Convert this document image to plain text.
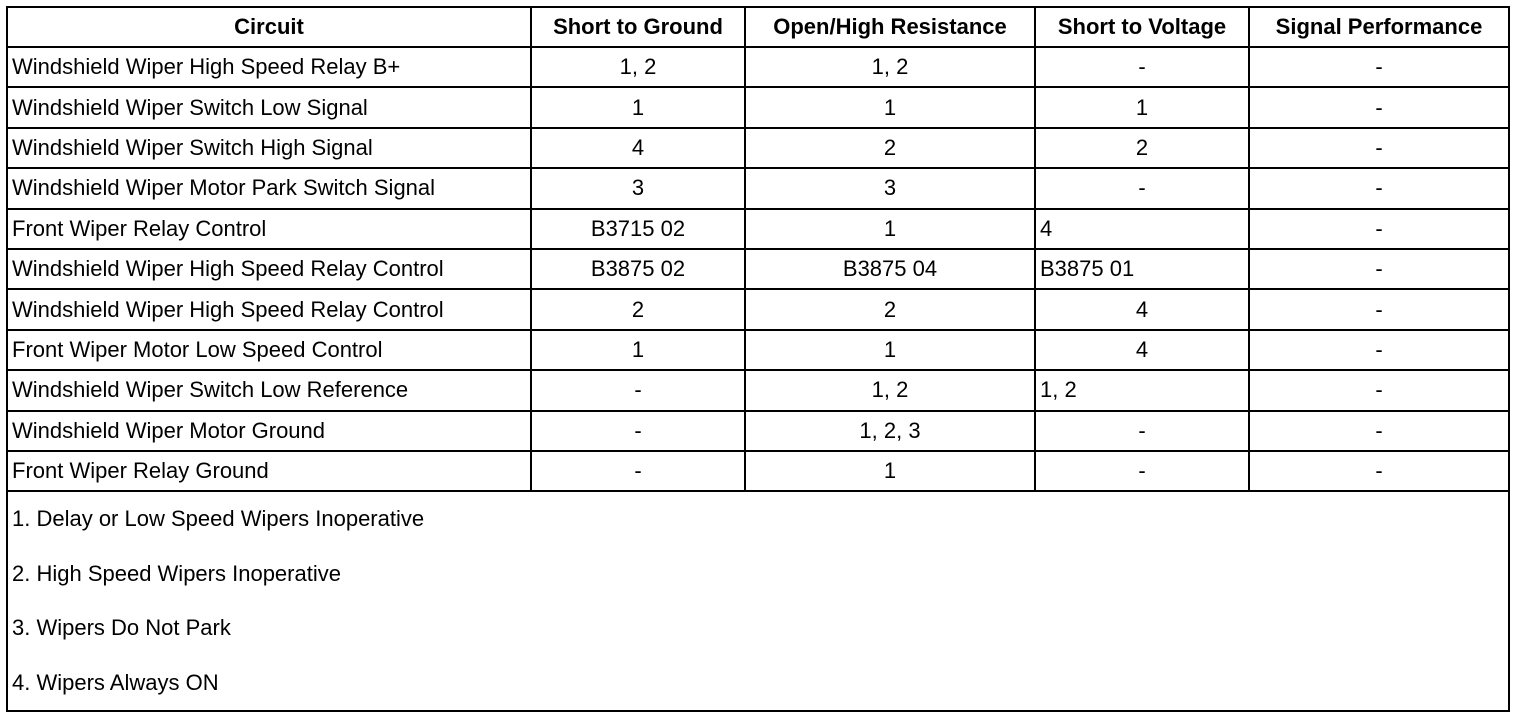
Circuit	Short to Ground	Open/High Resistance	Short to Voltage	Signal Performance
Windshield Wiper High Speed Relay B+	1, 2	1, 2	-	-
Windshield Wiper Switch Low Signal	1	1	1	-
Windshield Wiper Switch High Signal	4	2	2	-
Windshield Wiper Motor Park Switch Signal	3	3	-	-
Front Wiper Relay Control	B3715 02	1	4	-
Windshield Wiper High Speed Relay Control	B3875 02	B3875 04	B3875 01	-
Windshield Wiper High Speed Relay Control	2	2	4	-
Front Wiper Motor Low Speed Control	1	1	4	-
Windshield Wiper Switch Low Reference	-	1, 2	1, 2	-
Windshield Wiper Motor Ground	-	1, 2, 3	-	-
Front Wiper Relay Ground	-	1	-	-

1. Delay or Low Speed Wipers Inoperative
2. High Speed Wipers Inoperative
3. Wipers Do Not Park
4. Wipers Always ON				
